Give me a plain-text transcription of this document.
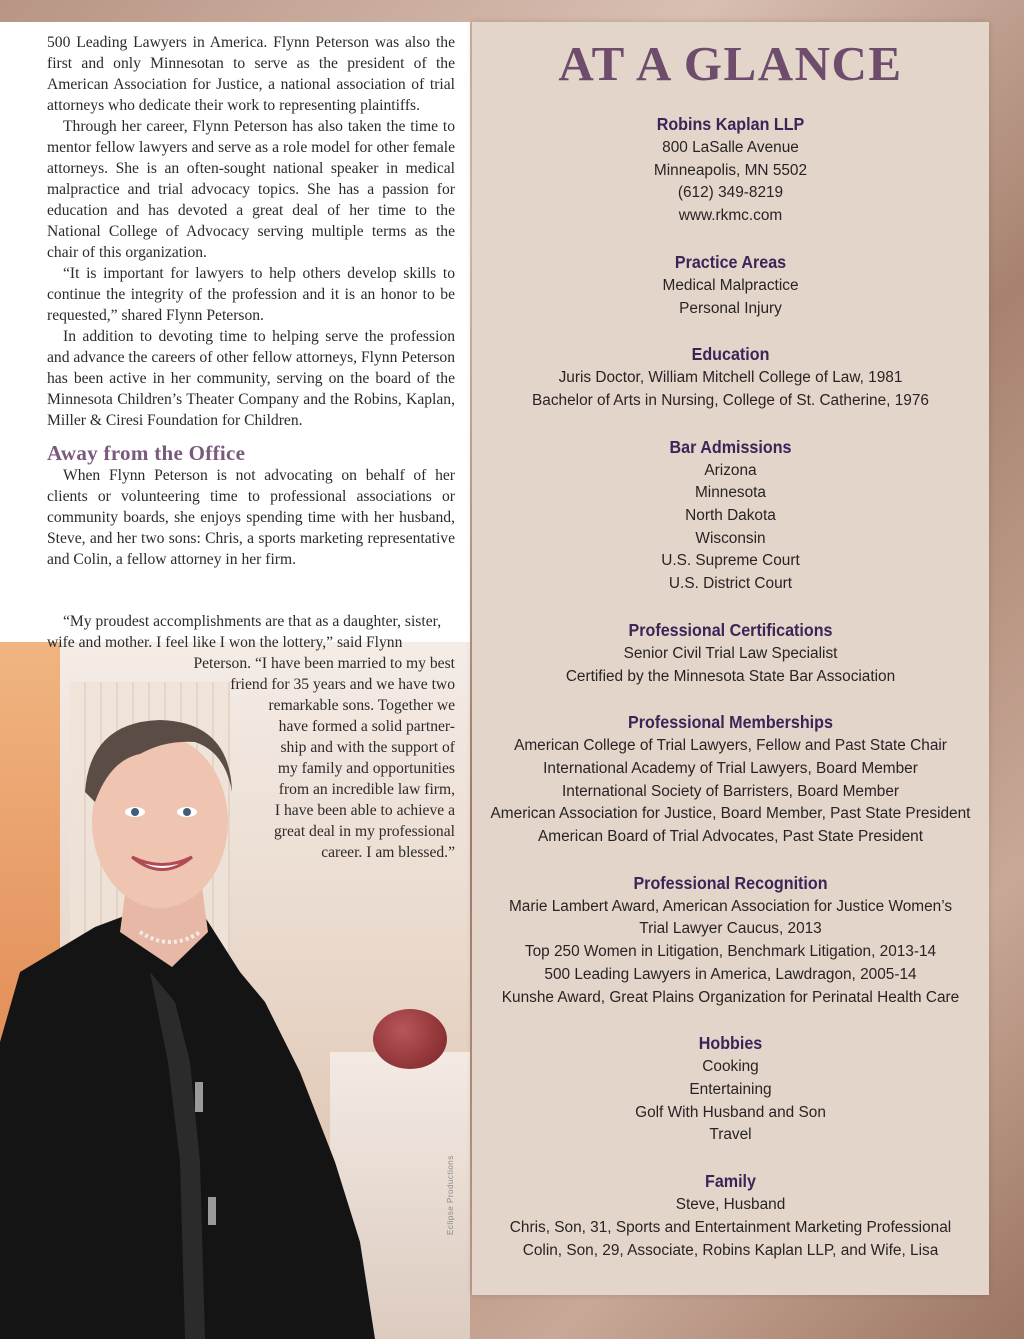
500 Leading Lawyers in America. Flynn Peterson was also the first and only Minnesotan to serve as the president of the American Association for Justice, a national association of trial attorneys who dedicate their work to representing plaintiffs.

Through her career, Flynn Peterson has also taken the time to mentor fellow lawyers and serve as a role model for other female attorneys. She is an often-sought national speaker in medical malpractice and trial advocacy topics. She has a passion for education and has devoted a great deal of her time to the National College of Advocacy serving multiple terms as the chair of this organization.

“It is important for lawyers to help others develop skills to continue the integrity of the profession and it is an honor to be requested,” shared Flynn Peterson.

In addition to devoting time to helping serve the profession and advance the careers of other fellow attorneys, Flynn Peterson has been active in her community, serving on the board of the Minnesota Children’s Theater Company and the Robins, Kaplan, Miller & Ciresi Foundation for Children.

Away from the Office

When Flynn Peterson is not advocating on behalf of her clients or volunteering time to professional associations or community boards, she enjoys spending time with her husband, Steve, and her two sons: Chris, a sports marketing representative and Colin, a fellow attorney in her firm.

“My proudest accomplishments are that as a daughter, sister, wife and mother. I feel like I won the lottery,” said Flynn
Peterson. “I have been married to my best
friend for 35 years and we have two
remarkable sons. Together we
have formed a solid partner-
ship and with the support of
my family and opportunities
from an incredible law firm,
I have been able to achieve a
great deal in my professional
career. I am blessed.”

Eclipse Productions
AT A GLANCE
Robins Kaplan LLP
800 LaSalle Avenue
Minneapolis, MN 5502
(612) 349-8219
www.rkmc.com
Practice Areas
Medical Malpractice
Personal Injury
Education
Juris Doctor, William Mitchell College of Law, 1981
Bachelor of Arts in Nursing, College of St. Catherine, 1976
Bar Admissions
Arizona
Minnesota
North Dakota
Wisconsin
U.S. Supreme Court
U.S. District Court
Professional Certifications
Senior Civil Trial Law Specialist
Certified by the Minnesota State Bar Association
Professional Memberships
American College of Trial Lawyers, Fellow and Past State Chair
International Academy of Trial Lawyers, Board Member
International Society of Barristers, Board Member
American Association for Justice, Board Member, Past State President
American Board of Trial Advocates, Past State President
Professional Recognition
Marie Lambert Award, American Association for Justice Women’s
Trial Lawyer Caucus, 2013
Top 250 Women in Litigation, Benchmark Litigation, 2013-14
500 Leading Lawyers in America, Lawdragon, 2005-14
Kunshe Award, Great Plains Organization for Perinatal Health Care
Hobbies
Cooking
Entertaining
Golf With Husband and Son
Travel
Family
Steve, Husband
Chris, Son, 31, Sports and Entertainment Marketing Professional
Colin, Son, 29, Associate, Robins Kaplan LLP, and Wife, Lisa
